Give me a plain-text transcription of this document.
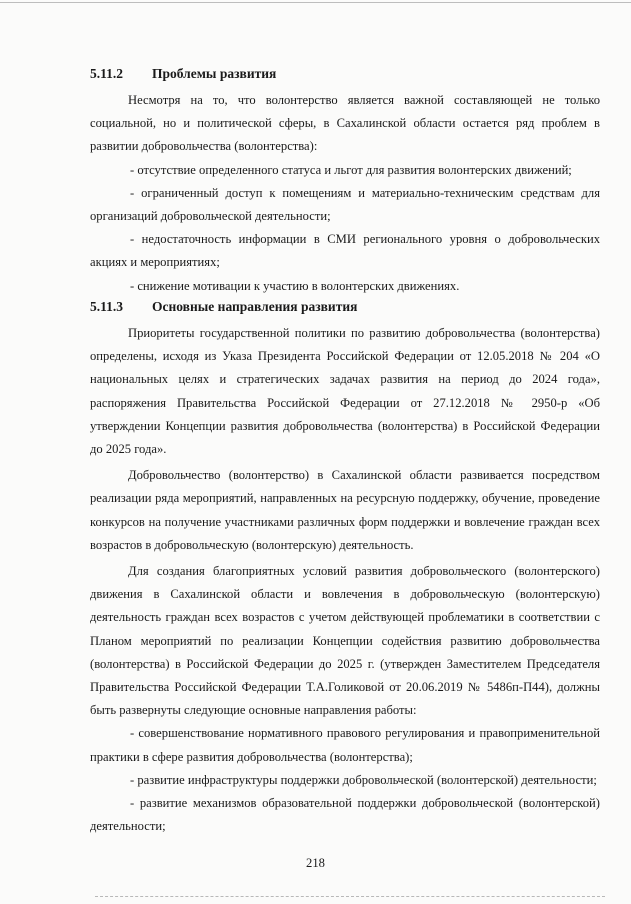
5.11.2	Проблемы развития

Несмотря на то, что волонтерство является важной составляющей не только социальной, но и политической сферы, в Сахалинской области остается ряд проблем в развитии добровольчества (волонтерства):

- отсутствие определенного статуса и льгот для развития волонтерских движений;

- ограниченный доступ к помещениям и материально-техническим средствам для организаций добровольческой деятельности;

- недостаточность информации в СМИ регионального уровня о добровольческих акциях и мероприятиях;

- снижение мотивации к участию в волонтерских движениях.

5.11.3	Основные направления развития

Приоритеты государственной политики по развитию добровольчества (волонтерства) определены, исходя из Указа Президента Российской Федерации от 12.05.2018 № 204 «О национальных целях и стратегических задачах развития на период до 2024 года», распоряжения Правительства Российской Федерации от 27.12.2018 № 2950-р «Об утверждении Концепции развития добровольчества (волонтерства) в Российской Федерации до 2025 года».

Добровольчество (волонтерство) в Сахалинской области развивается посредством реализации ряда мероприятий, направленных на ресурсную поддержку, обучение, проведение конкурсов на получение участниками различных форм поддержки и вовлечение граждан всех возрастов в добровольческую (волонтерскую) деятельность.

Для создания благоприятных условий развития добровольческого (волонтерского) движения в Сахалинской области и вовлечения в добровольческую (волонтерскую) деятельность граждан всех возрастов с учетом действующей проблематики в соответствии с Планом мероприятий по реализации Концепции содействия развитию добровольчества (волонтерства) в Российской Федерации до 2025 г. (утвержден Заместителем Председателя Правительства Российской Федерации Т.А.Голиковой от 20.06.2019 № 5486п-П44), должны быть развернуты следующие основные направления работы:

- совершенствование нормативного правового регулирования и правоприменительной практики в сфере развития добровольчества (волонтерства);

- развитие инфраструктуры поддержки добровольческой (волонтерской) деятельности;

- развитие механизмов образовательной поддержки добровольческой (волонтерской) деятельности;

218
